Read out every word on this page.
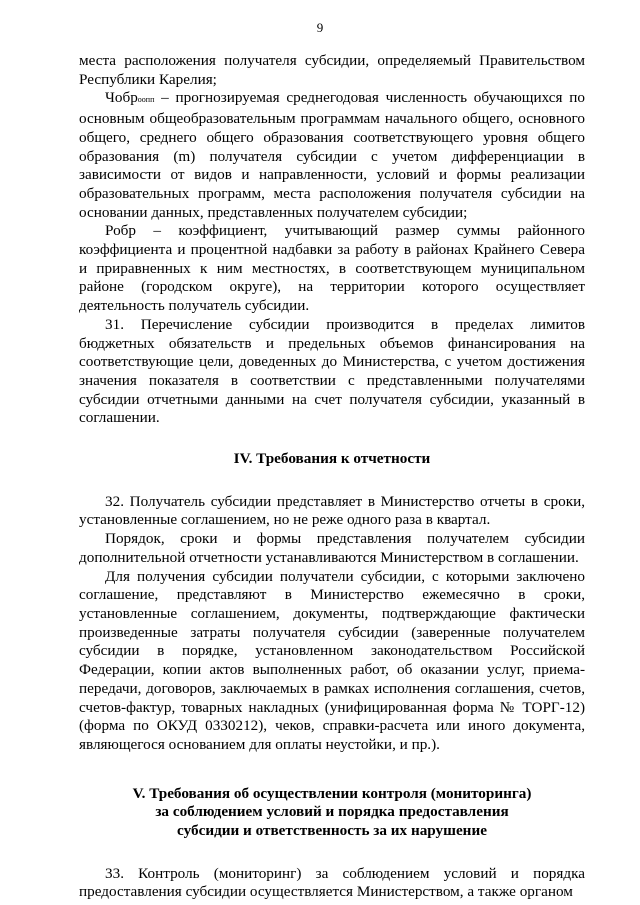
9

места расположения получателя субсидии, определяемый Правительством Республики Карелия;

Чоброопп – прогнозируемая среднегодовая численность обучающихся по основным общеобразовательным программам начального общего, основного общего, среднего общего образования соответствующего уровня общего образования (m) получателя субсидии с учетом дифференциации в зависимости от видов и направленности, условий и формы реализации образовательных программ, места расположения получателя субсидии на основании данных, представленных получателем субсидии;

Робр – коэффициент, учитывающий размер суммы районного коэффициента и процентной надбавки за работу в районах Крайнего Севера и приравненных к ним местностях, в соответствующем муниципальном районе (городском округе), на территории которого осуществляет деятельность получатель субсидии.

31. Перечисление субсидии производится в пределах лимитов бюджетных обязательств и предельных объемов финансирования на соответствующие цели, доведенных до Министерства, с учетом достижения значения показателя в соответствии с представленными получателями субсидии отчетными данными на счет получателя субсидии, указанный в соглашении.

IV. Требования к отчетности

32. Получатель субсидии представляет в Министерство отчеты в сроки, установленные соглашением, но не реже одного раза в квартал.

Порядок, сроки и формы представления получателем субсидии дополнительной отчетности устанавливаются Министерством в соглашении.

Для получения субсидии получатели субсидии, с которыми заключено соглашение, представляют в Министерство ежемесячно в сроки, установленные соглашением, документы, подтверждающие фактически произведенные затраты получателя субсидии (заверенные получателем субсидии в порядке, установленном законодательством Российской Федерации, копии актов выполненных работ, об оказании услуг, приема-передачи, договоров, заключаемых в рамках исполнения соглашения, счетов, счетов-фактур, товарных накладных (унифицированная форма № ТОРГ-12) (форма по ОКУД 0330212), чеков, справки-расчета или иного документа, являющегося основанием для оплаты неустойки, и пр.).

V. Требования об осуществлении контроля (мониторинга)
за соблюдением условий и порядка предоставления
субсидии и ответственность за их нарушение

33. Контроль (мониторинг) за соблюдением условий и порядка предоставления субсидии осуществляется Министерством, а также органом
